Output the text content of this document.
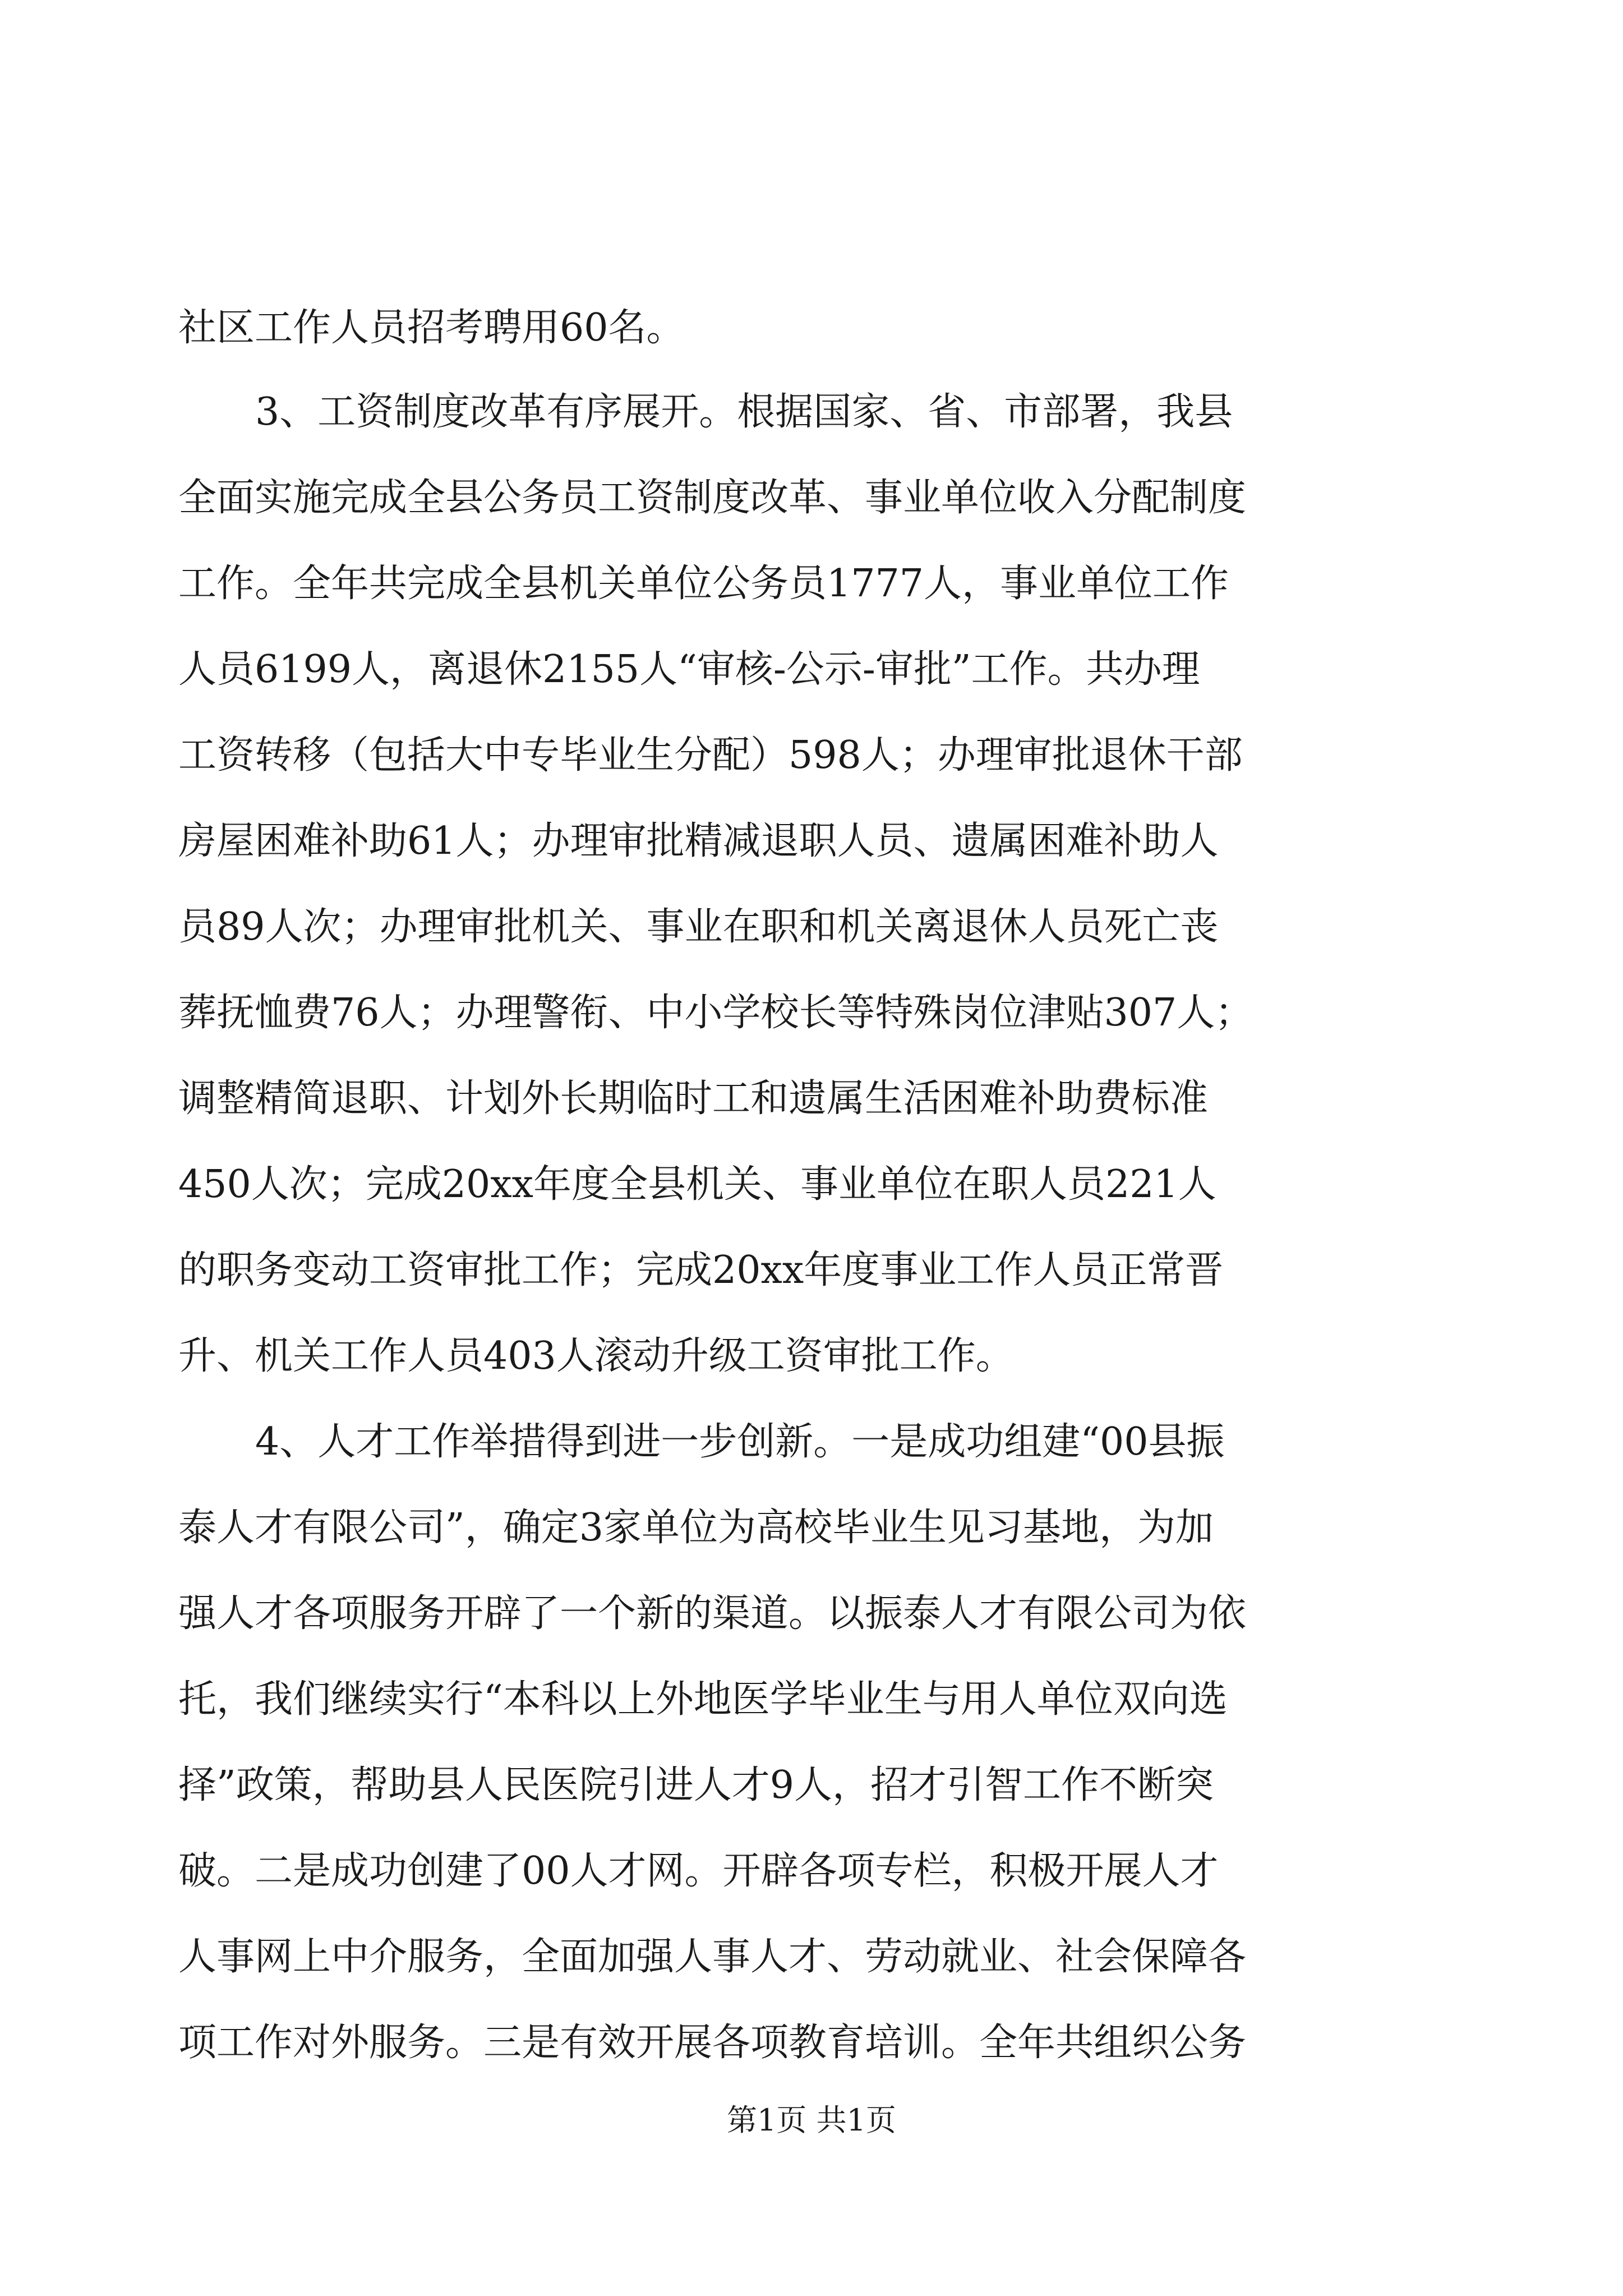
社区工作人员招考聘用60名。
3、工资制度改革有序展开。根据国家、省、市部署，我县
全面实施完成全县公务员工资制度改革、事业单位收入分配制度
工作。全年共完成全县机关单位公务员1777人，事业单位工作
人员6199人，离退休2155人“审核-公示-审批”工作。共办理
工资转移（包括大中专毕业生分配）598人；办理审批退休干部
房屋困难补助61人；办理审批精减退职人员、遗属困难补助人
员89人次；办理审批机关、事业在职和机关离退休人员死亡丧
葬抚恤费76人；办理警衔、中小学校长等特殊岗位津贴307人；
调整精简退职、计划外长期临时工和遗属生活困难补助费标准
450人次；完成20xx年度全县机关、事业单位在职人员221人
的职务变动工资审批工作；完成20xx年度事业工作人员正常晋
升、机关工作人员403人滚动升级工资审批工作。
4、人才工作举措得到进一步创新。一是成功组建“00县振
泰人才有限公司”，确定3家单位为高校毕业生见习基地，为加
强人才各项服务开辟了一个新的渠道。以振泰人才有限公司为依
托，我们继续实行“本科以上外地医学毕业生与用人单位双向选
择”政策，帮助县人民医院引进人才9人，招才引智工作不断突
破。二是成功创建了00人才网。开辟各项专栏，积极开展人才
人事网上中介服务，全面加强人事人才、劳动就业、社会保障各
项工作对外服务。三是有效开展各项教育培训。全年共组织公务
第1页 共1页
